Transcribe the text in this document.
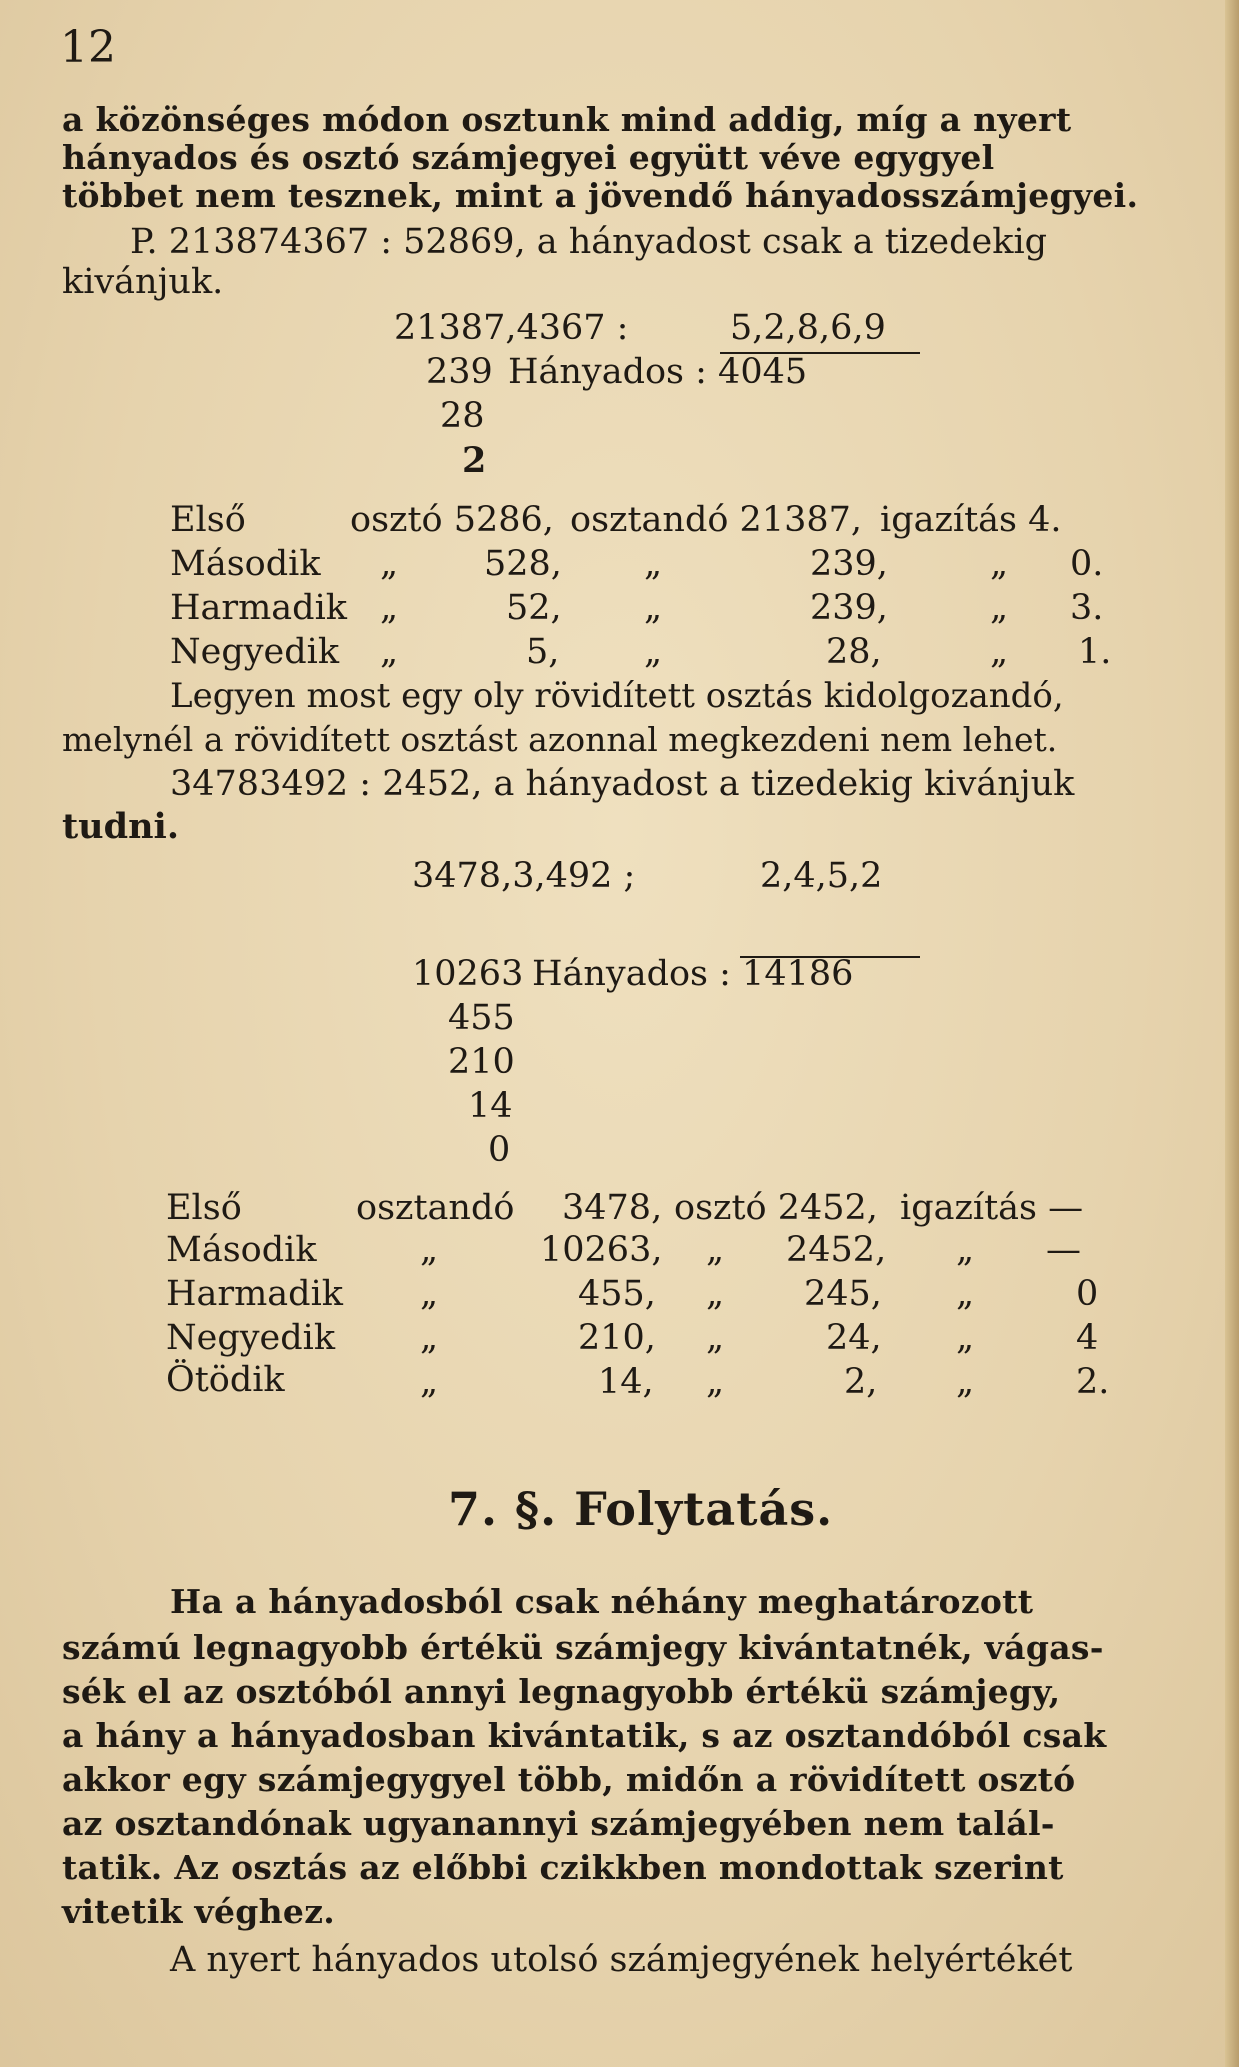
12
a közönséges módon osztunk mind addig, míg a nyert
hányados és osztó számjegyei együtt véve egygyel
többet nem tesznek, mint a jövendő hányadosszámjegyei.
P. 213874367 : 52869, a hányadost csak a tizedekig
kivánjuk.
21387,4367 :	5,2,8,6,9
239 Hányados : 4045
28
2
Első	osztó 5286, osztandó 21387, igazítás 4.
Második „ 528, „	239,	„ 0.
Harmadik „	52, „	239,	„ 3.
Negyedik „	5, „	28,	„ 1.
Legyen most egy oly rövidített osztás kidolgozandó,
melynél a rövidített osztást azonnal megkezdeni nem lehet.
34783492 : 2452, a hányadost a tizedekig kivánjuk
tudni.
3478,3,492 ;	2,4,5,2
10263 Hányados : 14186
455
210
14
0
Első	osztandó 3478, osztó 2452, igazítás —
Második	„	10263, „ 2452, „ —
Harmadik „	455, „ 245, „	0
Negyedik „	210, „	24, „	4
Ötödik	„	14, „	2, „	2.
7. §. Folytatás.
Ha a hányadosból csak néhány meghatározott
számú legnagyobb értékü számjegy kivántatnék, vágas-
sék el az osztóból annyi legnagyobb értékü számjegy,
a hány a hányadosban kivántatik, s az osztandóból csak
akkor egy számjegygyel több, midőn a rövidített osztó
az osztandónak ugyanannyi számjegyében nem talál-
tatik. Az osztás az előbbi czikkben mondottak szerint
vitetik véghez.
A nyert hányados utolsó számjegyének helyértékét
